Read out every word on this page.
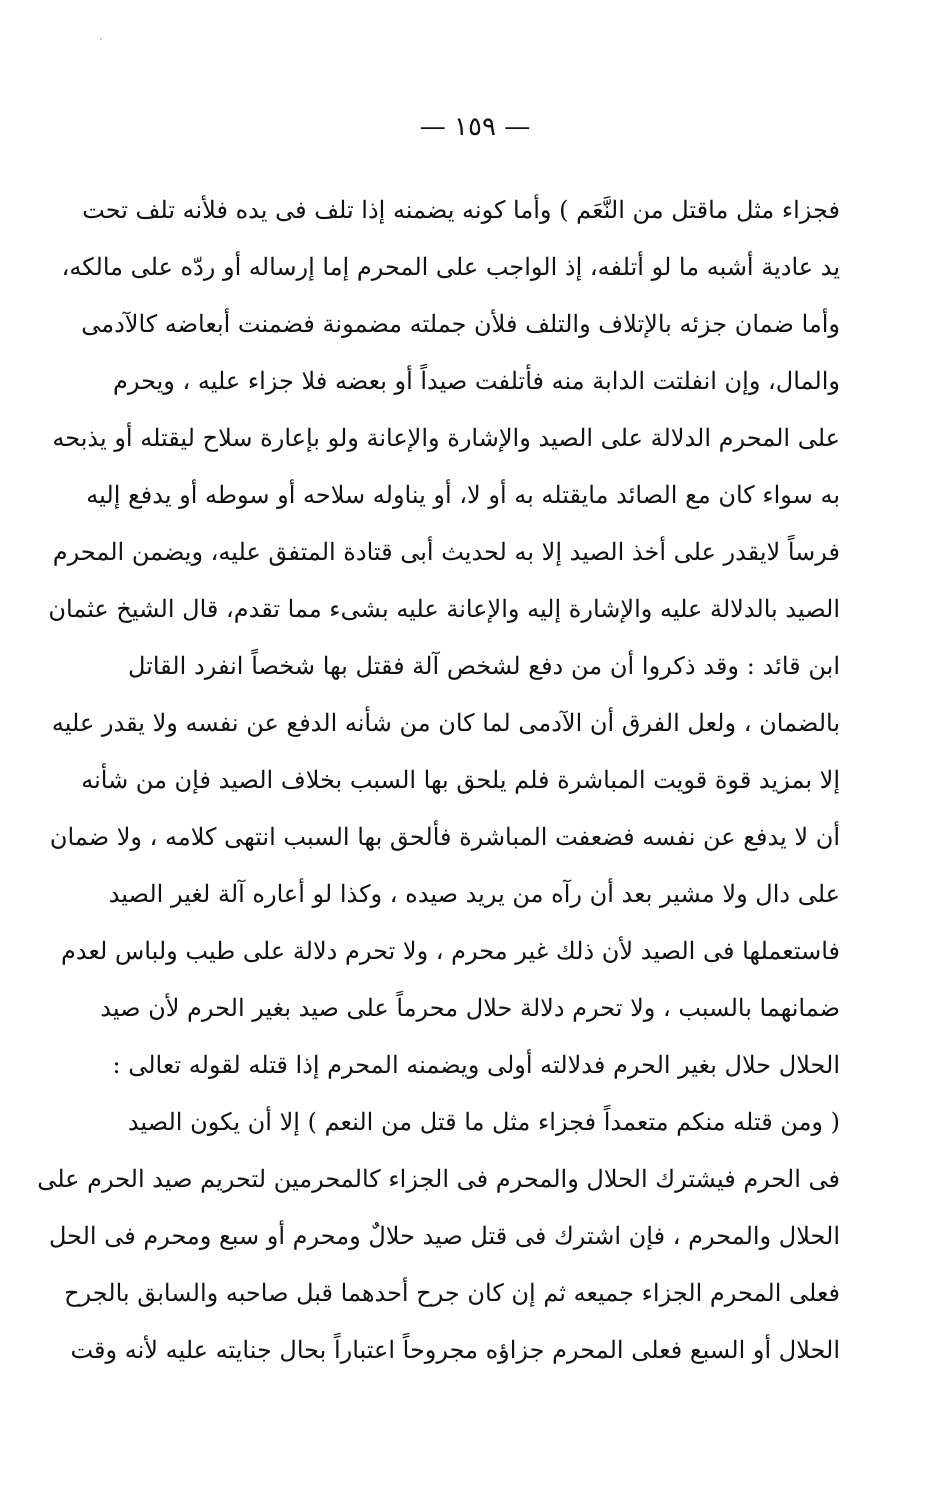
— ١٥٩ —
فجزاء مثل ماقتل من النَّعَم ) وأما كونه يضمنه إذا تلف فى يده فلأنه تلف تحت
يد عادية أشبه ما لو أتلفه، إذ الواجب على المحرم إما إرساله أو ردّه على مالكه،
وأما ضمان جزئه بالإتلاف والتلف فلأن جملته مضمونة فضمنت أبعاضه كالآدمى
والمال، وإن انفلتت الدابة منه فأتلفت صيداً أو بعضه فلا جزاء عليه ، ويحرم
على المحرم الدلالة على الصيد والإشارة والإعانة ولو بإعارة سلاح ليقتله أو يذبحه
به سواء كان مع الصائد مايقتله به أو لا، أو يناوله سلاحه أو سوطه أو يدفع إليه
فرساً لايقدر على أخذ الصيد إلا به لحديث أبى قتادة المتفق عليه، ويضمن المحرم
الصيد بالدلالة عليه والإشارة إليه والإعانة عليه بشىء مما تقدم، قال الشيخ عثمان
ابن قائد : وقد ذكروا أن من دفع لشخص آلة فقتل بها شخصاً انفرد القاتل
بالضمان ، ولعل الفرق أن الآدمى لما كان من شأنه الدفع عن نفسه ولا يقدر عليه
إلا بمزيد قوة قويت المباشرة فلم يلحق بها السبب بخلاف الصيد فإن من شأنه
أن لا يدفع عن نفسه فضعفت المباشرة فألحق بها السبب انتهى كلامه ، ولا ضمان
على دال ولا مشير بعد أن رآه من يريد صيده ، وكذا لو أعاره آلة لغير الصيد
فاستعملها فى الصيد لأن ذلك غير محرم ، ولا تحرم دلالة على طيب ولباس لعدم
ضمانهما بالسبب ، ولا تحرم دلالة حلال محرماً على صيد بغير الحرم لأن صيد
الحلال حلال بغير الحرم فدلالته أولى ويضمنه المحرم إذا قتله لقوله تعالى :
( ومن قتله منكم متعمداً فجزاء مثل ما قتل من النعم ) إلا أن يكون الصيد
فى الحرم فيشترك الحلال والمحرم فى الجزاء كالمحرمين لتحريم صيد الحرم على
الحلال والمحرم ، فإن اشترك فى قتل صيد حلالٌ ومحرم أو سبع ومحرم فى الحل
فعلى المحرم الجزاء جميعه ثم إن كان جرح أحدهما قبل صاحبه والسابق بالجرح
الحلال أو السبع فعلى المحرم جزاؤه مجروحاً اعتباراً بحال جنايته عليه لأنه وقت
